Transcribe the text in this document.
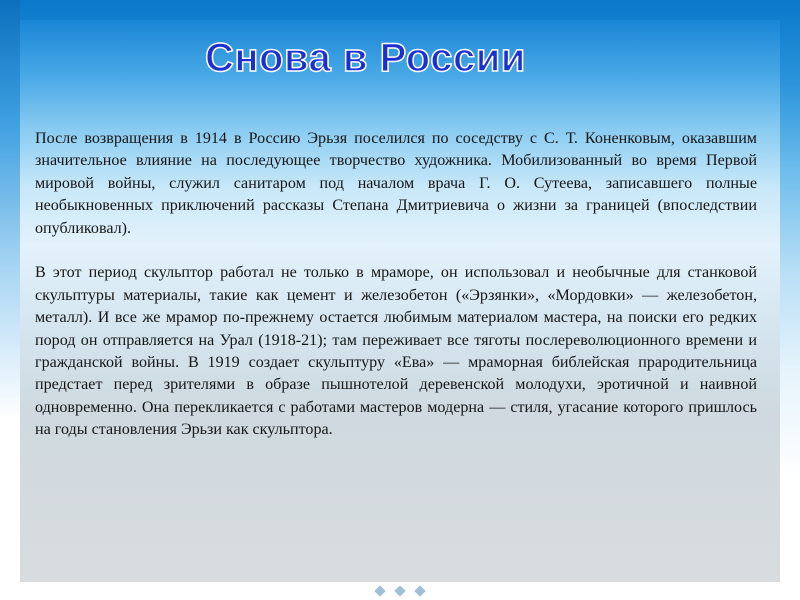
Снова в России

После возвращения в 1914 в Россию Эрьзя поселился по соседству с С. Т. Коненковым, оказавшим значительное влияние на последующее творчество художника. Мобилизованный во время Первой мировой войны, служил санитаром под началом врача Г. О. Сутеева, записавшего полные необыкновенных приключений рассказы Степана Дмитриевича о жизни за границей (впоследствии опубликовал).

В этот период скульптор работал не только в мраморе, он использовал и необычные для станковой скульптуры материалы, такие как цемент и железобетон («Эрзянки», «Мордовки» — железобетон, металл). И все же мрамор по-прежнему остается любимым материалом мастера, на поиски его редких пород он отправляется на Урал (1918-21); там переживает все тяготы послереволюционного времени и гражданской войны. В 1919 создает скульптуру «Ева» — мраморная библейская прародительница предстает перед зрителями в образе пышнотелой деревенской молодухи, эротичной и наивной одновременно. Она перекликается с работами мастеров модерна — стиля, угасание которого пришлось на годы становления Эрьзи как скульптора.
